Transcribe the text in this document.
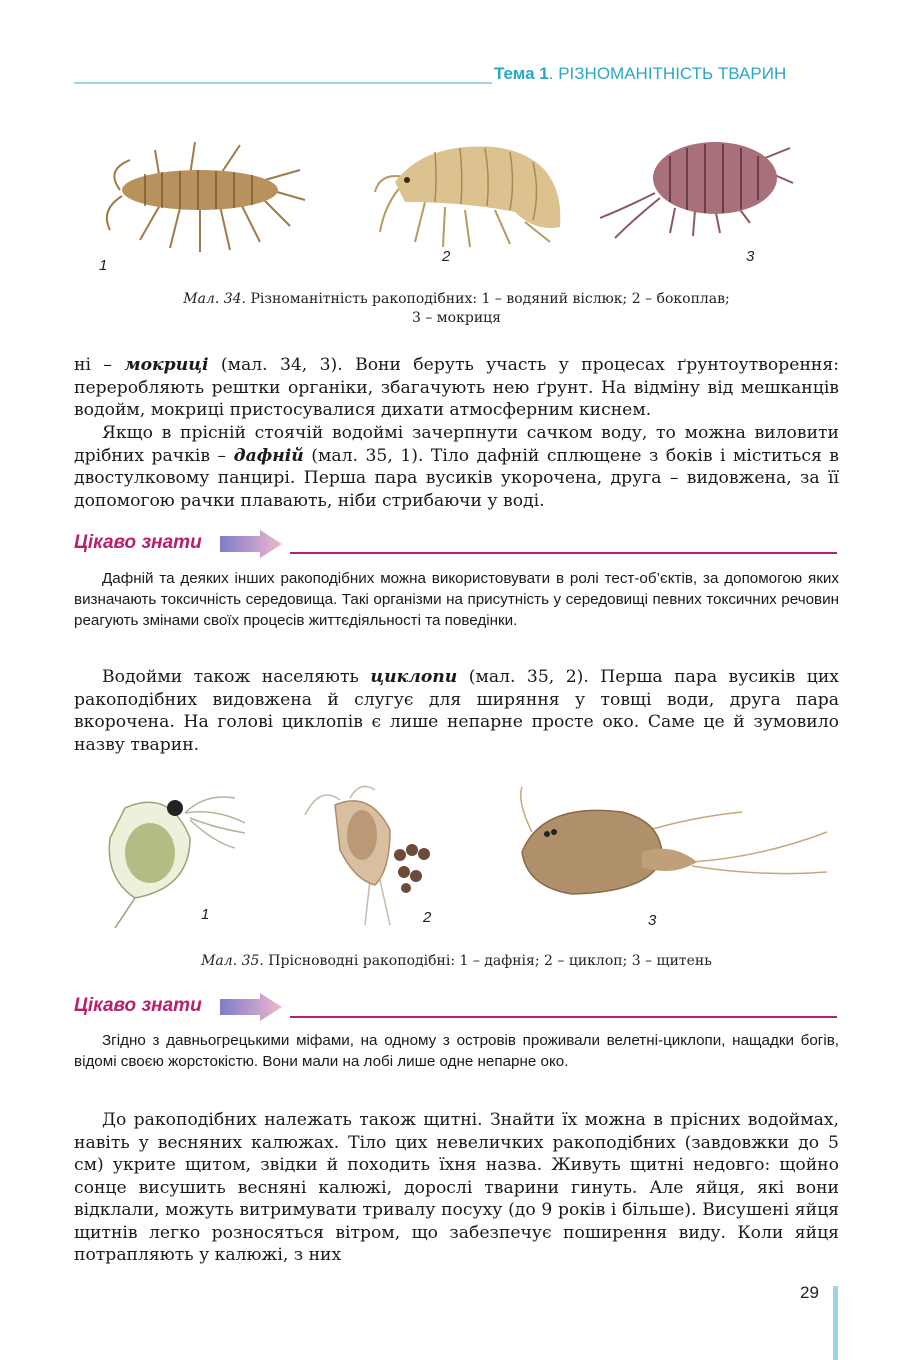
Тема 1. РІЗНОМАНІТНІСТЬ ТВАРИН
1
2	3
Мал. 34. Різноманітність ракоподібних: 1 – водяний віслюк; 2 – бокоплав;
3 – мокриця
ні – мокриці (мал. 34, 3). Вони беруть участь у процесах ґрунтоутворення: переробляють рештки органіки, збагачують нею ґрунт. На відміну від мешканців водойм, мокриці пристосувалися дихати атмосферним киснем.
Якщо в прісній стоячій водоймі зачерпнути сачком воду, то можна виловити дрібних рачків – дафній (мал. 35, 1). Тіло дафній сплющене з боків і міститься в двостулковому панцирі. Перша пара вусиків укорочена, друга – видовжена, за її допомогою рачки плавають, ніби стрибаючи у воді.
Цікаво знати
Дафній та деяких інших ракоподібних можна використовувати в ролі тест-об’єктів, за допомогою яких визначають токсичність середовища. Такі організми на присутність у середовищі певних токсичних речовин реагують змінами своїх процесів життєдіяльності та поведінки.
Водойми також населяють циклопи (мал. 35, 2). Перша пара вусиків цих ракоподібних видовжена й слугує для ширяння у товщі води, друга пара вкорочена. На голові циклопів є лише непарне просте око. Саме це й зумовило назву тварин.
1	2	3
Мал. 35. Прісноводні ракоподібні: 1 – дафнія; 2 – циклоп; 3 – щитень
Цікаво знати
Згідно з давньогрецькими міфами, на одному з островів проживали велетні-циклопи, нащадки богів, відомі своєю жорстокістю. Вони мали на лобі лише одне непарне око.
До ракоподібних належать також щитні. Знайти їх можна в прісних водоймах, навіть у весняних калюжах. Тіло цих невеличких ракоподібних (завдовжки до 5 см) укрите щитом, звідки й походить їхня назва. Живуть щитні недовго: щойно сонце висушить весняні калюжі, дорослі тварини гинуть. Але яйця, які вони відклали, можуть витримувати тривалу посуху (до 9 років і більше). Висушені яйця щитнів легко розносяться вітром, що забезпечує поширення виду. Коли яйця потрапляють у калюжі, з них
29
